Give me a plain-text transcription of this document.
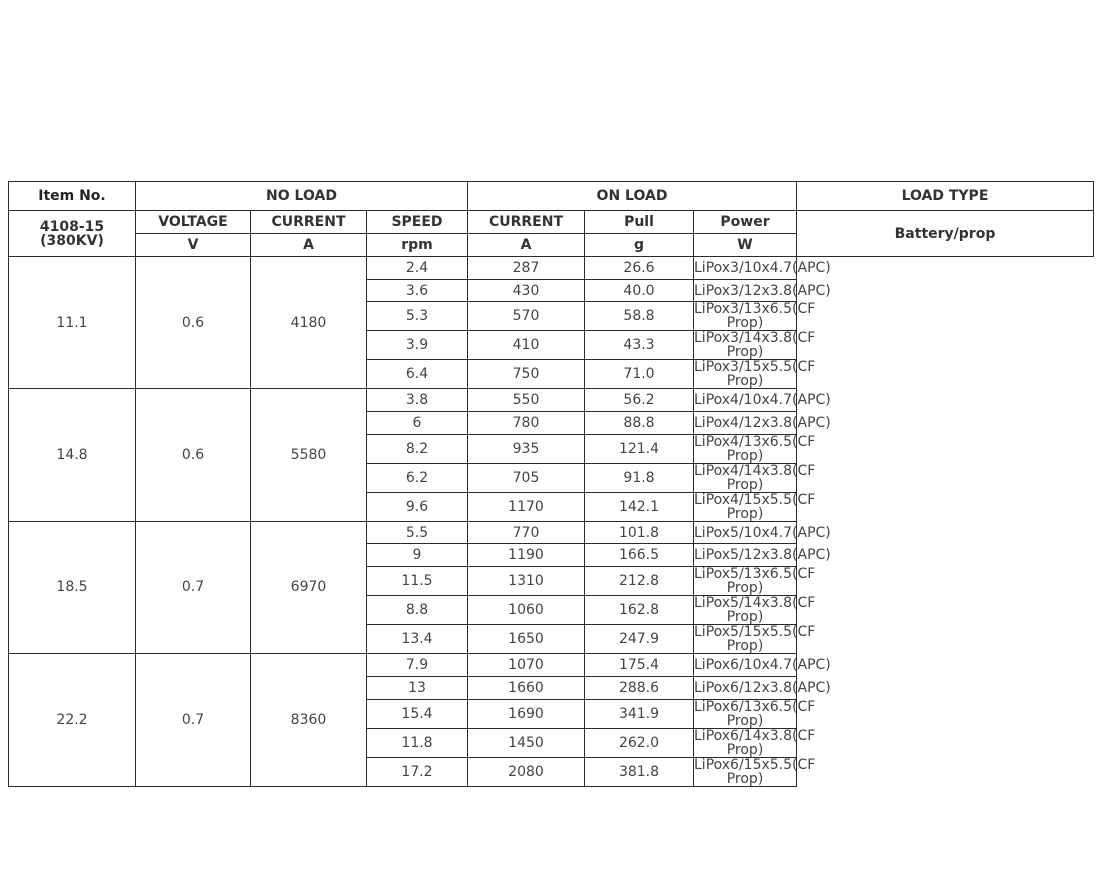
Item No.	NO LOAD			ON LOAD			LOAD TYPE

4108-15
(380KV)	VOLTAGE	CURRENT	SPEED	CURRENT	Pull	Power	Battery/prop
	V	A	rpm	A	g	W	
11.1	0.6	4180	2.4	287	26.6	LiPox3/10x4.7(APC)	
			3.6	430	40.0	LiPox3/12x3.8(APC)	
			5.3	570	58.8	LiPox3/13x6.5(CF Prop)	
			3.9	410	43.3	LiPox3/14x3.8(CF Prop)	
			6.4	750	71.0	LiPox3/15x5.5(CF Prop)	
14.8	0.6	5580	3.8	550	56.2	LiPox4/10x4.7(APC)	
			6	780	88.8	LiPox4/12x3.8(APC)	
			8.2	935	121.4	LiPox4/13x6.5(CF Prop)	
			6.2	705	91.8	LiPox4/14x3.8(CF Prop)	
			9.6	1170	142.1	LiPox4/15x5.5(CF Prop)	
18.5	0.7	6970	5.5	770	101.8	LiPox5/10x4.7(APC)	
			9	1190	166.5	LiPox5/12x3.8(APC)	
			11.5	1310	212.8	LiPox5/13x6.5(CF Prop)	
			8.8	1060	162.8	LiPox5/14x3.8(CF Prop)	
			13.4	1650	247.9	LiPox5/15x5.5(CF Prop)	
22.2	0.7	8360	7.9	1070	175.4	LiPox6/10x4.7(APC)	
			13	1660	288.6	LiPox6/12x3.8(APC)	
			15.4	1690	341.9	LiPox6/13x6.5(CF Prop)	
			11.8	1450	262.0	LiPox6/14x3.8(CF Prop)	
			17.2	2080	381.8	LiPox6/15x5.5(CF Prop)	
